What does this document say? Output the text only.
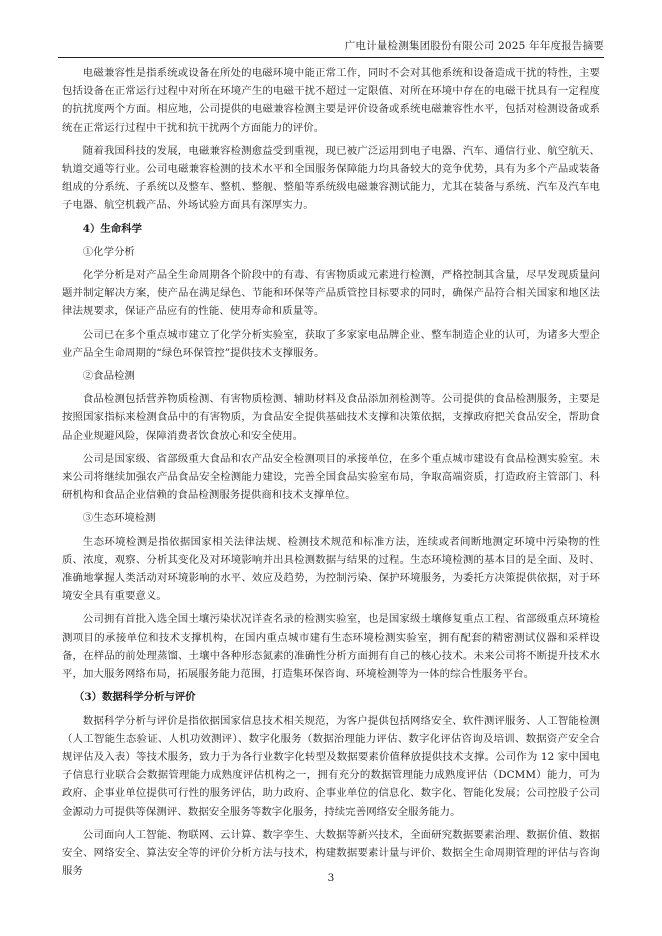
广电计量检测集团股份有限公司 2025 年年度报告摘要

电磁兼容性是指系统或设备在所处的电磁环境中能正常工作，同时不会对其他系统和设备造成干扰的特性，主要包括设备在正常运行过程中对所在环境产生的电磁干扰不超过一定限值、对所在环境中存在的电磁干扰具有一定程度的抗扰度两个方面。相应地，公司提供的电磁兼容检测主要是评价设备或系统电磁兼容性水平，包括对检测设备或系统在正常运行过程中干扰和抗干扰两个方面能力的评价。

随着我国科技的发展，电磁兼容检测愈益受到重视，现已被广泛运用到电子电器、汽车、通信行业、航空航天、轨道交通等行业。公司电磁兼容检测的技术水平和全国服务保障能力均具备较大的竞争优势，具有为多个产品或装备组成的分系统、子系统以及整车、整机、整舰、整船等系统级电磁兼容测试能力，尤其在装备与系统、汽车及汽车电子电器、航空机载产品、外场试验方面具有深厚实力。

4）生命科学

①化学分析

化学分析是对产品全生命周期各个阶段中的有毒、有害物质或元素进行检测，严格控制其含量，尽早发现质量问题并制定解决方案，使产品在满足绿色、节能和环保等产品质管控目标要求的同时，确保产品符合相关国家和地区法律法规要求，保证产品应有的性能、使用寿命和质量等。

公司已在多个重点城市建立了化学分析实验室，获取了多家家电品牌企业、整车制造企业的认可，为诸多大型企业产品全生命周期的“绿色环保管控”提供技术支撑服务。

②食品检测

食品检测包括营养物质检测、有害物质检测、辅助材料及食品添加剂检测等。公司提供的食品检测服务，主要是按照国家指标来检测食品中的有害物质，为食品安全提供基础技术支撑和决策依据，支撑政府把关食品安全，帮助食品企业规避风险，保障消费者饮食放心和安全使用。

公司是国家级、省部级重大食品和农产品安全检测项目的承接单位，在多个重点城市建设有食品检测实验室。未来公司将继续加强农产品食品安全检测能力建设，完善全国食品实验室布局，争取高端资质，打造政府主管部门、科研机构和食品企业信赖的食品检测服务提供商和技术支撑单位。

③生态环境检测

生态环境检测是指依据国家相关法律法规、检测技术规范和标准方法，连续或者间断地测定环境中污染物的性质、浓度，观察、分析其变化及对环境影响并出具检测数据与结果的过程。生态环境检测的基本目的是全面、及时、准确地掌握人类活动对环境影响的水平、效应及趋势，为控制污染、保护环境服务，为委托方决策提供依据，对于环境安全具有重要意义。

公司拥有首批入选全国土壤污染状况详查名录的检测实验室，也是国家级土壤修复重点工程、省部级重点环境检测项目的承接单位和技术支撑机构，在国内重点城市建有生态环境检测实验室，拥有配套的精密测试仪器和采样设备，在样品的前处理蒸馏、土壤中各种形态氮素的准确性分析方面拥有自己的核心技术。未来公司将不断提升技术水平，加大服务网络布局，拓展服务能力范围，打造集环保咨询、环境检测等为一体的综合性服务平台。

（3）数据科学分析与评价

数据科学分析与评价是指依据国家信息技术相关规范，为客户提供包括网络安全、软件测评服务、人工智能检测（人工智能生态验证、人机功效测评）、数字化服务（数据治理能力评估、数字化评估咨询及培训、数据资产安全合规评估及入表）等技术服务，致力于为各行业数字化转型及数据要素价值释放提供技术支撑。公司作为 12 家中国电子信息行业联合会数据管理能力成熟度评估机构之一，拥有充分的数据管理能力成熟度评估（DCMM）能力，可为政府、企事业单位提供可行性的服务评估，助力政府、企事业单位的信息化、数字化、智能化发展；公司控股子公司金源动力可提供等保测评、数据安全服务等数字化服务，持续完善网络安全服务能力。

公司面向人工智能、物联网、云计算、数字孪生、大数据等新兴技术，全面研究数据要素治理、数据价值、数据安全、网络安全、算法安全等的评价分析方法与技术，构建数据要素计量与评价、数据全生命周期管理的评估与咨询服务

3
